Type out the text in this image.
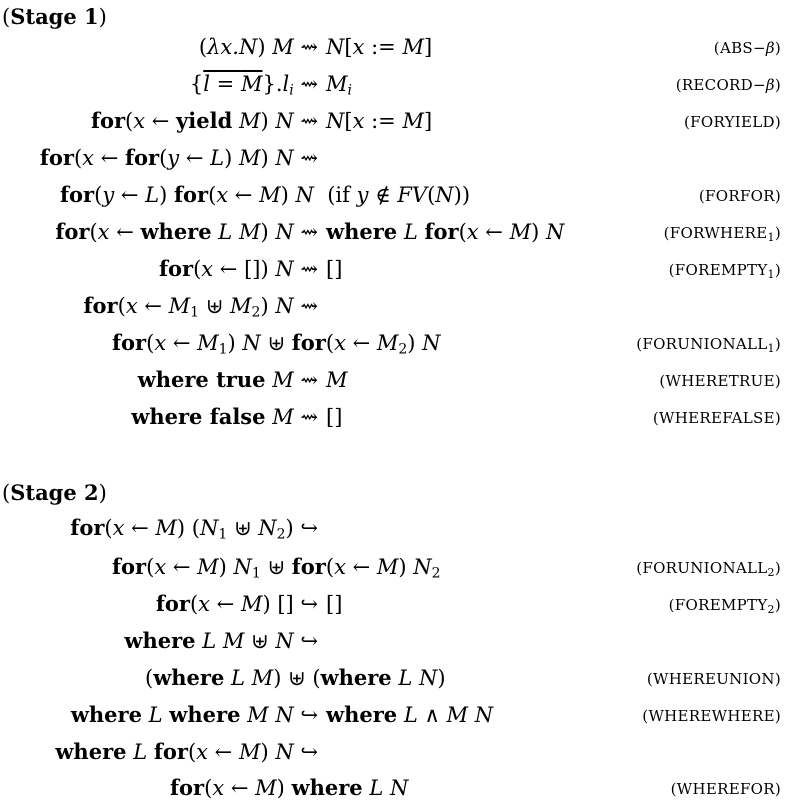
(Stage 1)
(λx.N) M ⇝ N[x := M]	(ABS−β)
$\{l = M\}.l_i$ ⇝ $M_i$	(RECORD−β)
for(x ← yield M) N ⇝ N[x := M]	(FORYIELD)
for(x ← for(y ← L) M) N ⇝
for(y ← L) for(x ← M) N  (if y ∉ FV(N))	(FORFOR)
for(x ← where L M) N ⇝ where L for(x ← M) N	$(FORWHERE_1)$
for(x ← []) N ⇝ []	$(FOREMPTY_1)$
for(x ← $M_1$ ⊎ $M_2$) N ⇝
for(x ← $M_1$) N ⊎ for(x ← $M_2$) N	$(FORUNIONALL_1)$
where true M ⇝ M	(WHERETRUE)
where false M ⇝ []	(WHEREFALSE)
(Stage 2)
for(x ← M) ($N_1$ ⊎ $N_2$) ↪
for(x ← M) $N_1$ ⊎ for(x ← M) $N_2$	$(FORUNIONALL_2)$
for(x ← M) [] ↪ []	$(FOREMPTY_2)$
where L M ⊎ N ↪
(where L M) ⊎ (where L N)	(WHEREUNION)
where L where M N ↪ where L ∧ M N	(WHEREWHERE)
where L for(x ← M) N ↪
for(x ← M) where L N	(WHEREFOR)
